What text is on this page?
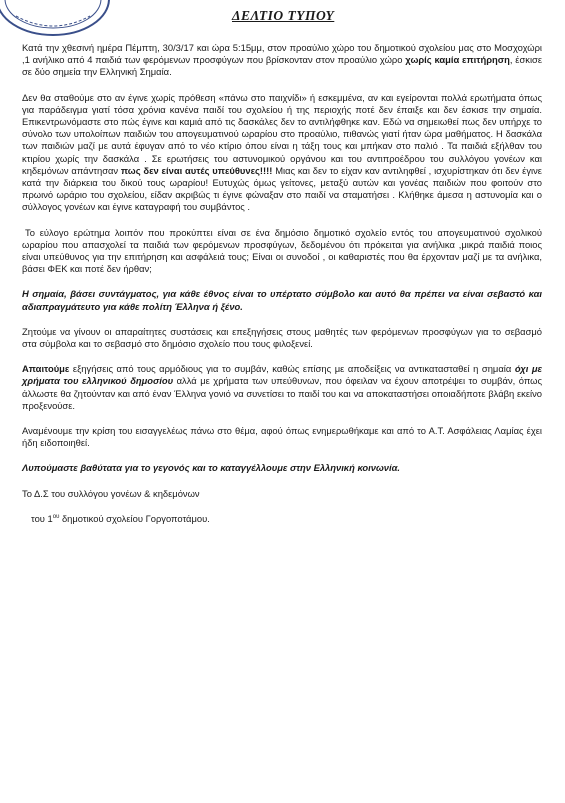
ΔΕΛΤΙΟ ΤΥΠΟΥ

Κατά την χθεσινή ημέρα Πέμπτη, 30/3/17 και ώρα 5:15μμ, στον προαύλιο χώρο του δημοτικού σχολείου μας στο Μοσχοχώρι ,1 ανήλικο από 4 παιδιά των φερόμενων προσφύγων που βρίσκονταν στον προαύλιο χώρο χωρίς καμία επιτήρηση, έσκισε σε δύο σημεία την Ελληνική Σημαία.

Δεν θα σταθούμε στο αν έγινε χωρίς πρόθεση «πάνω στο παιχνίδι» ή εσκεμμένα, αν και εγείρονται πολλά ερωτήματα όπως για παράδειγμα γιατί τόσα χρόνια κανένα παιδί του σχολείου ή της περιοχής ποτέ δεν έπαιξε και δεν έσκισε την σημαία. Επικεντρωνόμαστε στο πώς έγινε και καμιά από τις δασκάλες δεν το αντιλήφθηκε καν. Εδώ να σημειωθεί πως δεν υπήρχε το σύνολο των υπολοίπων παιδιών του απογευματινού ωραρίου στο προαύλιο, πιθανώς γιατί ήταν ώρα μαθήματος. Η δασκάλα των παιδιών μαζί με αυτά έφυγαν από το νέο κτίριο όπου είναι η τάξη τους και μπήκαν στο παλιό . Τα παιδιά εξήλθαν του κτιρίου χωρίς την δασκάλα . Σε ερωτήσεις του αστυνομικού οργάνου και του αντιπροέδρου του συλλόγου γονέων και κηδεμόνων απάντησαν πως δεν είναι αυτές υπεύθυνες!!!! Μιας και δεν το είχαν καν αντιληφθεί , ισχυρίστηκαν ότι δεν έγινε κατά την διάρκεια του δικού τους ωραρίου! Ευτυχώς όμως γείτονες, μεταξύ αυτών και γονέας παιδιών που φοιτούν στο πρωινό ωράριο του σχολείου, είδαν ακριβώς τι έγινε φώναξαν στο παιδί να σταματήσει . Κλήθηκε άμεσα η αστυνομία και ο σύλλογος γονέων και έγινε καταγραφή του συμβάντος .

Το εύλογο ερώτημα λοιπόν που προκύπτει είναι σε ένα δημόσιο δημοτικό σχολείο εντός του απογευματινού σχολικού ωραρίου που απασχολεί τα παιδιά των φερόμενων προσφύγων, δεδομένου ότι πρόκειται για ανήλικα ,μικρά παιδιά ποιος είναι υπεύθυνος για την επιτήρηση και ασφάλειά τους; Είναι οι συνοδοί , οι καθαριστές που θα έρχονταν μαζί με τα ανήλικα, βάσει ΦΕΚ και ποτέ δεν ήρθαν;

Η σημαία, βάσει συντάγματος, για κάθε έθνος είναι το υπέρτατο σύμβολο και αυτό θα πρέπει να είναι σεβαστό και αδιαπραγμάτευτο για κάθε πολίτη Έλληνα ή ξένο.

Ζητούμε να γίνουν οι απαραίτητες συστάσεις και επεξηγήσεις στους μαθητές των φερόμενων προσφύγων για το σεβασμό στα σύμβολα και το σεβασμό στο δημόσιο σχολείο που τους φιλοξενεί.

Απαιτούμε εξηγήσεις από τους αρμόδιους για το συμβάν, καθώς επίσης με αποδείξεις να αντικατασταθεί η σημαία όχι με χρήματα του ελληνικού δημοσίου αλλά με χρήματα των υπεύθυνων, που όφειλαν να έχουν αποτρέψει το συμβάν, όπως άλλωστε θα ζητούνταν και από έναν Έλληνα γονιό να συνετίσει το παιδί του και να αποκαταστήσει οποιαδήποτε βλάβη εκείνο προξενούσε.

Αναμένουμε την κρίση του εισαγγελέως πάνω στο θέμα, αφού όπως ενημερωθήκαμε και από το Α.Τ. Ασφάλειας Λαμίας έχει ήδη ειδοποιηθεί.

Λυπούμαστε βαθύτατα για το γεγονός και το καταγγέλλουμε στην Ελληνική κοινωνία.

Το Δ.Σ του συλλόγου γονέων & κηδεμόνων

του $1^{o\upsilon}$ δημοτικού σχολείου Γοργοποτάμου.
